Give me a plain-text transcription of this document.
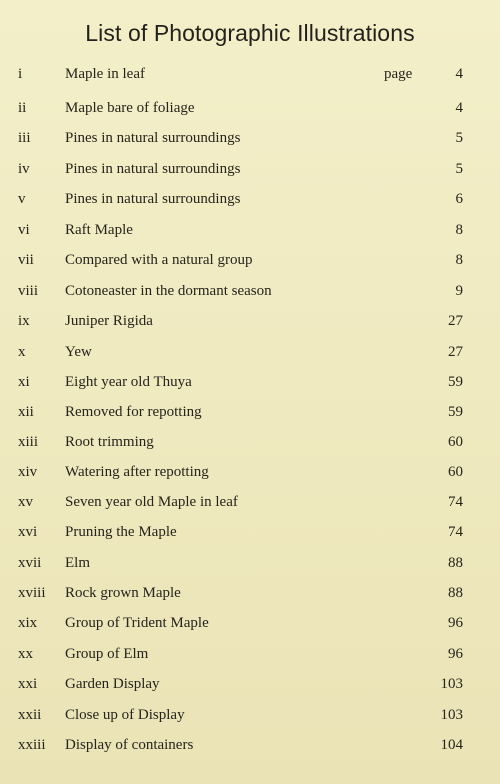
List of Photographic Illustrations
i	Maple in leaf	page	4
ii	Maple bare of foliage	4
iii Pines in natural surroundings	5
iv Pines in natural surroundings	5
v	Pines in natural surroundings	6
vi Raft Maple	8
vii Compared with a natural group	8
viii Cotoneaster in the dormant season	9
ix Juniper Rigida	27
x	Yew	27
xi Eight year old Thuya	59
xii Removed for repotting	59
xiii Root trimming	60
xiv Watering after repotting	60
xv Seven year old Maple in leaf	74
xvi Pruning the Maple	74
xvii Elm	88
xviii Rock grown Maple	88
xix Group of Trident Maple	96
xx Group of Elm	96
xxi Garden Display	103
xxii Close up of Display	103
xxiii Display of containers	104
